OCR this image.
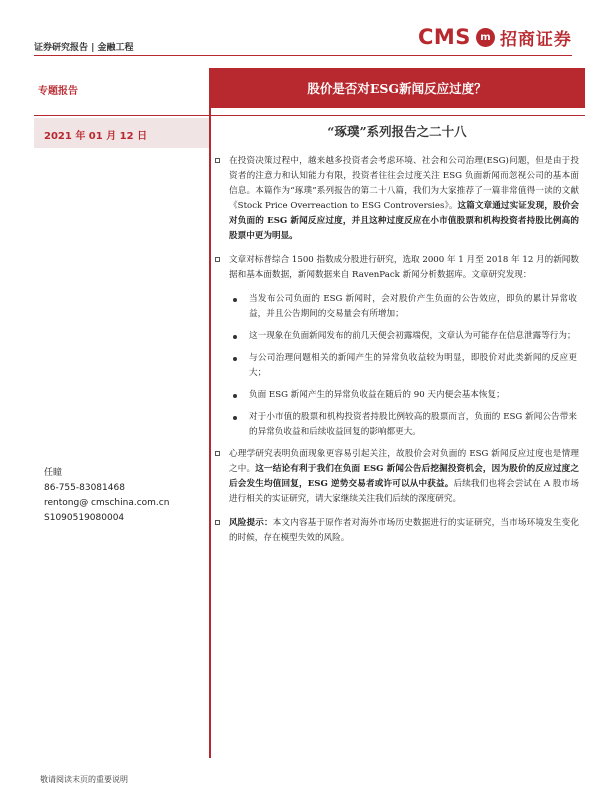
证券研究报告 | 金融工程	CMS m 招商证券
专题报告	股价是否对ESG新闻反应过度？
2021 年 01 月 12 日	“琢璞”系列报告之二十八
任瞳
86-755-83081468
rentong@ cmschina.com.cn
S1090519080004
在投资决策过程中，越来越多投资者会考虑环境、社会和公司治理(ESG)问题，但是由于投资者的注意力和认知能力有限，投资者往往会过度关注 ESG 负面新闻而忽视公司的基本面信息。本篇作为“琢璞”系列报告的第二十八篇，我们为大家推荐了一篇非常值得一读的文献《Stock Price Overreaction to ESG Controversies》。这篇文章通过实证发现，股价会对负面的 ESG 新闻反应过度，并且这种过度反应在小市值股票和机构投资者持股比例高的股票中更为明显。
文章对标普综合 1500 指数成分股进行研究，选取 2000 年 1 月至 2018 年 12 月的新闻数据和基本面数据，新闻数据来自 RavenPack 新闻分析数据库。文章研究发现：
当发布公司负面的 ESG 新闻时，会对股价产生负面的公告效应，即负的累计异常收益，并且公告期间的交易量会有所增加；
这一现象在负面新闻发布的前几天便会初露端倪，文章认为可能存在信息泄露等行为；
与公司治理问题相关的新闻产生的异常负收益较为明显，即股价对此类新闻的反应更大；
负面 ESG 新闻产生的异常负收益在随后的 90 天内便会基本恢复；
对于小市值的股票和机构投资者持股比例较高的股票而言，负面的 ESG 新闻公告带来的异常负收益和后续收益回复的影响都更大。
心理学研究表明负面现象更容易引起关注，故股价会对负面的 ESG 新闻反应过度也是情理之中。这一结论有利于我们在负面 ESG 新闻公告后挖掘投资机会，因为股价的反应过度之后会发生均值回复，ESG 逆势交易者或许可以从中获益。后续我们也将会尝试在 A 股市场进行相关的实证研究，请大家继续关注我们后续的深度研究。
风险提示：本文内容基于原作者对海外市场历史数据进行的实证研究，当市场环境发生变化的时候，存在模型失效的风险。
敬请阅读末页的重要说明
